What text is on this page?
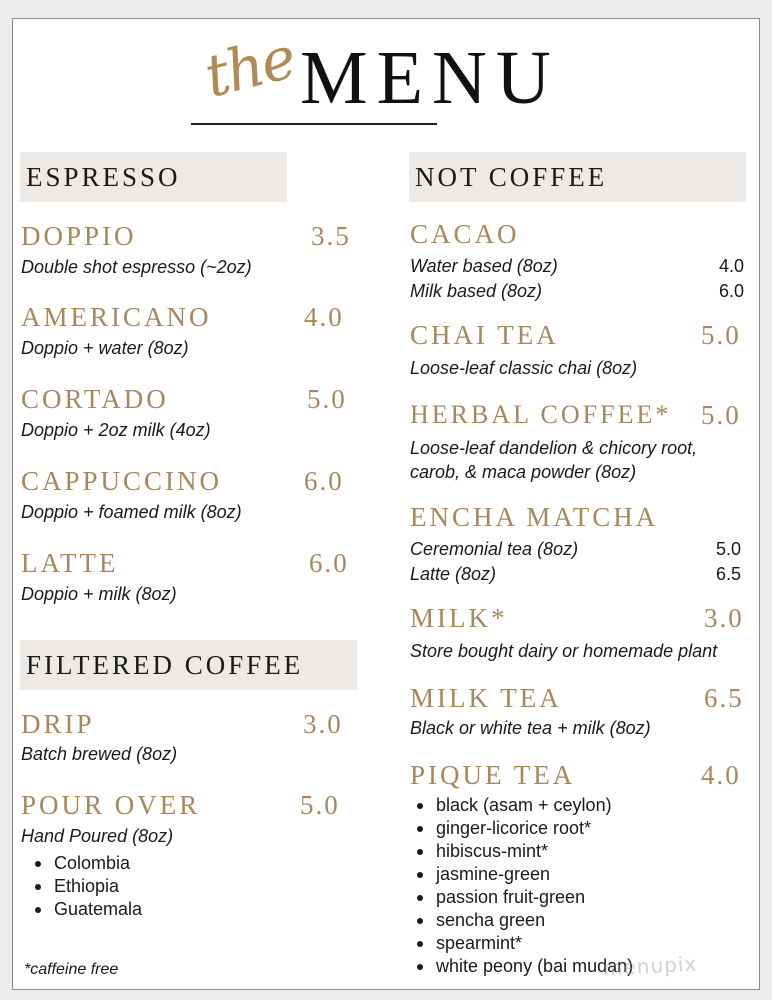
the MENU
ESPRESSO
DOPPIO	3.5
Double shot espresso (~2oz)
AMERICANO	4.0
Doppio + water (8oz)
CORTADO	5.0
Doppio + 2oz milk (4oz)
CAPPUCCINO	6.0
Doppio + foamed milk (8oz)
LATTE	6.0
Doppio + milk (8oz)
FILTERED COFFEE
DRIP	3.0
Batch brewed (8oz)
POUR OVER	5.0
Hand Poured (8oz)
Colombia
Ethiopia
Guatemala
NOT COFFEE
CACAO
Water based (8oz)	4.0
Milk based (8oz)	6.0
CHAI TEA	5.0
Loose-leaf classic chai (8oz)
HERBAL COFFEE* 5.0
Loose-leaf dandelion & chicory root,
carob, & maca powder (8oz)
ENCHA MATCHA
Ceremonial tea (8oz)	5.0
Latte (8oz)	6.5
MILK*	3.0
Store bought dairy or homemade plant
MILK TEA	6.5
Black or white tea + milk (8oz)
PIQUE TEA	4.0
black (asam + ceylon)
ginger-licorice root*
hibiscus-mint*
jasmine-green
passion fruit-green
sencha green
spearmint*
white peony (bai mudan)
*caffeine free	menupix
